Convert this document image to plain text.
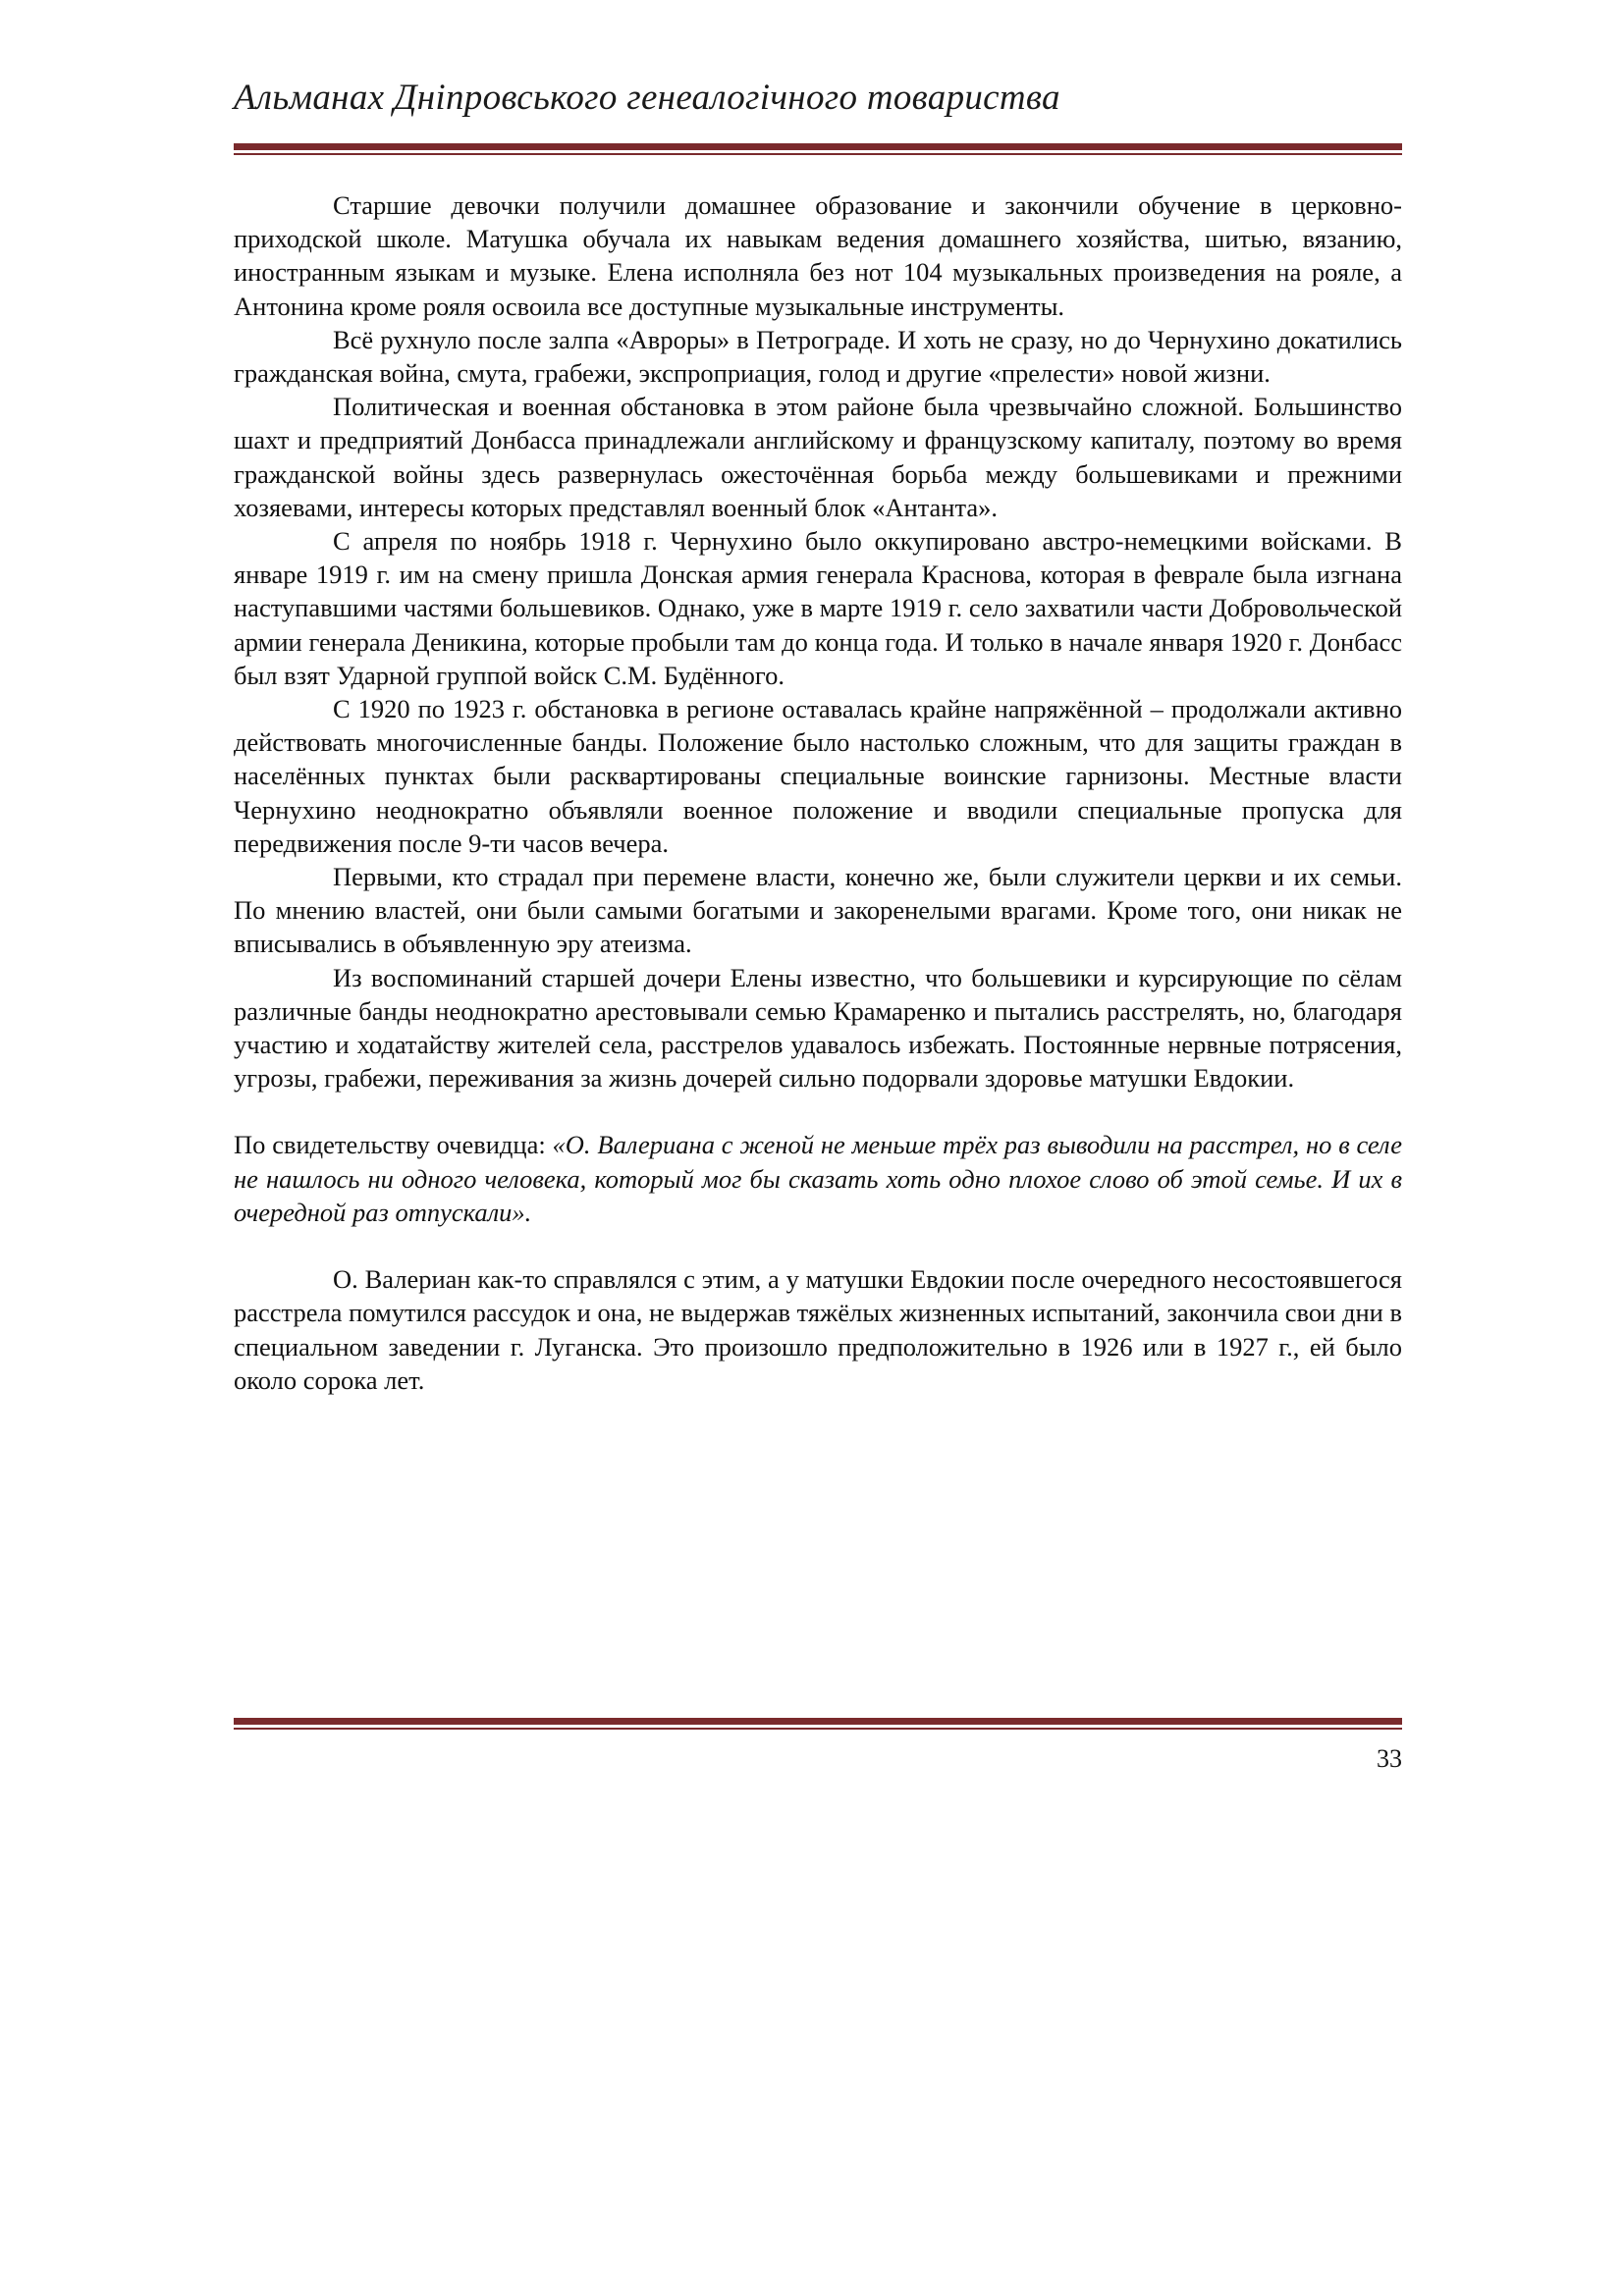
Альманах Дніпровського генеалогічного товариства

Старшие девочки получили домашнее образование и закончили обучение в церковно-приходской школе. Матушка обучала их навыкам ведения домашнего хозяйства, шитью, вязанию, иностранным языкам и музыке. Елена исполняла без нот 104 музыкальных произведения на рояле, а Антонина кроме рояля освоила все доступные музыкальные инструменты.

Всё рухнуло после залпа «Авроры» в Петрограде. И хоть не сразу, но до Чернухино докатились гражданская война, смута, грабежи, экспроприация, голод и другие «прелести» новой жизни.

Политическая и военная обстановка в этом районе была чрезвычайно сложной. Большинство шахт и предприятий Донбасса принадлежали английскому и французскому капиталу, поэтому во время гражданской войны здесь развернулась ожесточённая борьба между большевиками и прежними хозяевами, интересы которых представлял военный блок «Антанта».

С апреля по ноябрь 1918 г. Чернухино было оккупировано австро-немецкими войсками. В январе 1919 г. им на смену пришла Донская армия генерала Краснова, которая в феврале была изгнана наступавшими частями большевиков. Однако, уже в марте 1919 г. село захватили части Добровольческой армии генерала Деникина, которые пробыли там до конца года. И только в начале января 1920 г. Донбасс был взят Ударной группой войск С.М. Будённого.

С 1920 по 1923 г. обстановка в регионе оставалась крайне напряжённой – продолжали активно действовать многочисленные банды. Положение было настолько сложным, что для защиты граждан в населённых пунктах были расквартированы специальные воинские гарнизоны. Местные власти Чернухино неоднократно объявляли военное положение и вводили специальные пропуска для передвижения после 9-ти часов вечера.

Первыми, кто страдал при перемене власти, конечно же, были служители церкви и их семьи. По мнению властей, они были самыми богатыми и закоренелыми врагами. Кроме того, они никак не вписывались в объявленную эру атеизма.

Из воспоминаний старшей дочери Елены известно, что большевики и курсирующие по сёлам различные банды неоднократно арестовывали семью Крамаренко и пытались расстрелять, но, благодаря участию и ходатайству жителей села, расстрелов удавалось избежать. Постоянные нервные потрясения, угрозы, грабежи, переживания за жизнь дочерей сильно подорвали здоровье матушки Евдокии.

По свидетельству очевидца: «О. Валериана с женой не меньше трёх раз выводили на расстрел, но в селе не нашлось ни одного человека, который мог бы сказать хоть одно плохое слово об этой семье. И их в очередной раз отпускали».

О. Валериан как-то справлялся с этим, а у матушки Евдокии после очередного несостоявшегося расстрела помутился рассудок и она, не выдержав тяжёлых жизненных испытаний, закончила свои дни в специальном заведении г. Луганска. Это произошло предположительно в 1926 или в 1927 г., ей было около сорока лет.

33
